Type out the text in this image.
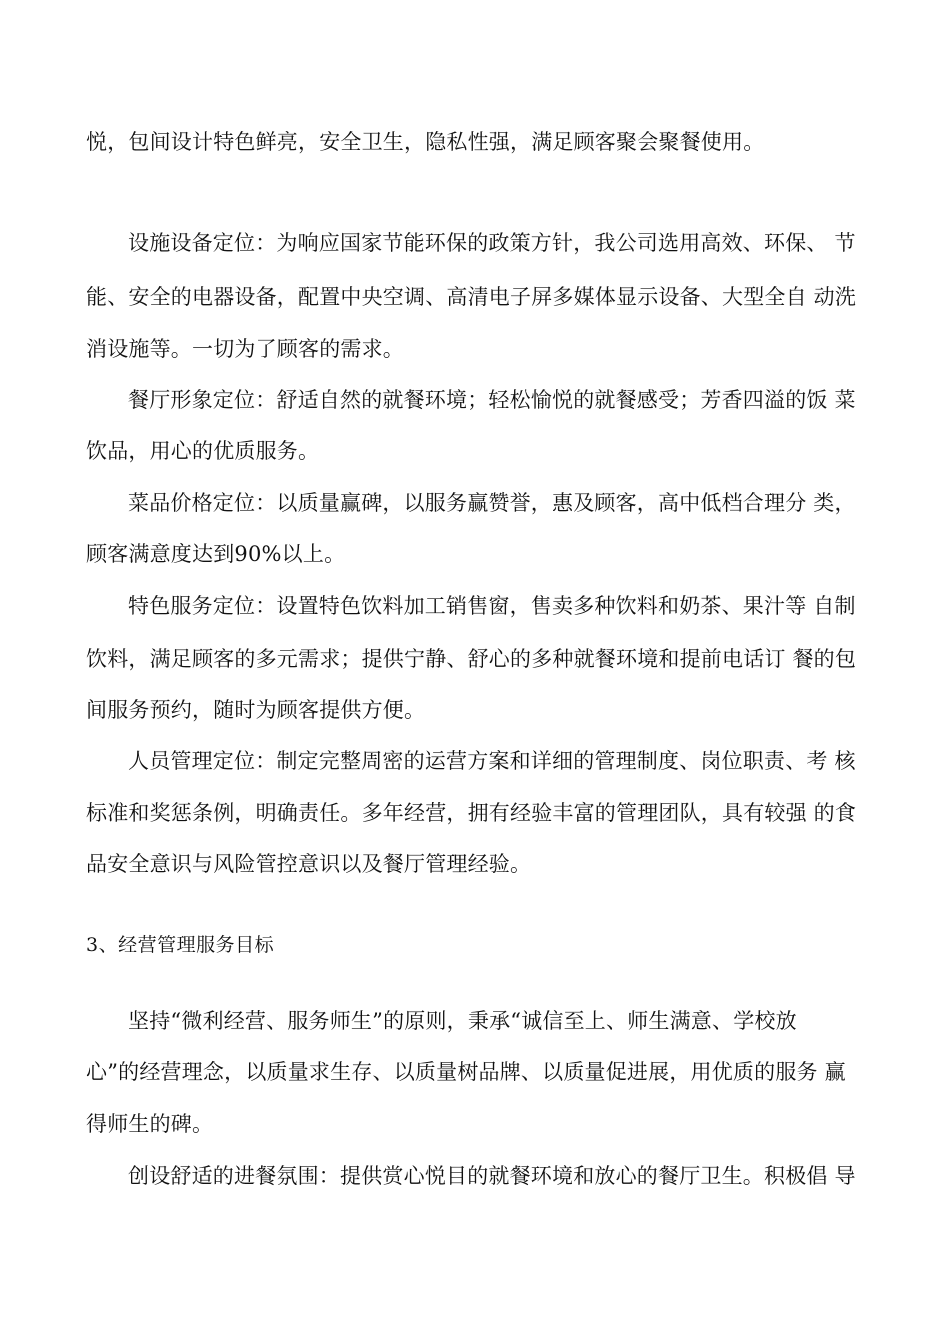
悦，包间设计特色鲜亮，安全卫生，隐私性强，满足顾客聚会聚餐使用。
设施设备定位：为响应国家节能环保的政策方针，我公司选用高效、环保、 节
能、安全的电器设备，配置中央空调、高清电子屏多媒体显示设备、大型全自 动洗
消设施等。一切为了顾客的需求。
餐厅形象定位：舒适自然的就餐环境；轻松愉悦的就餐感受；芳香四溢的饭 菜
饮品，用心的优质服务。
菜品价格定位：以质量赢碑，以服务赢赞誉，惠及顾客，高中低档合理分 类，
顾客满意度达到90%以上。
特色服务定位：设置特色饮料加工销售窗，售卖多种饮料和奶茶、果汁等 自制
饮料，满足顾客的多元需求；提供宁静、舒心的多种就餐环境和提前电话订 餐的包
间服务预约，随时为顾客提供方便。
人员管理定位：制定完整周密的运营方案和详细的管理制度、岗位职责、考 核
标准和奖惩条例，明确责任。多年经营，拥有经验丰富的管理团队，具有较强 的食
品安全意识与风险管控意识以及餐厅管理经验。
3、经营管理服务目标
坚持“微利经营、服务师生”的原则，秉承“诚信至上、师生满意、学校放
心”的经营理念，以质量求生存、以质量树品牌、以质量促进展，用优质的服务 赢
得师生的碑。
创设舒适的进餐氛围：提供赏心悦目的就餐环境和放心的餐厅卫生。积极倡 导
